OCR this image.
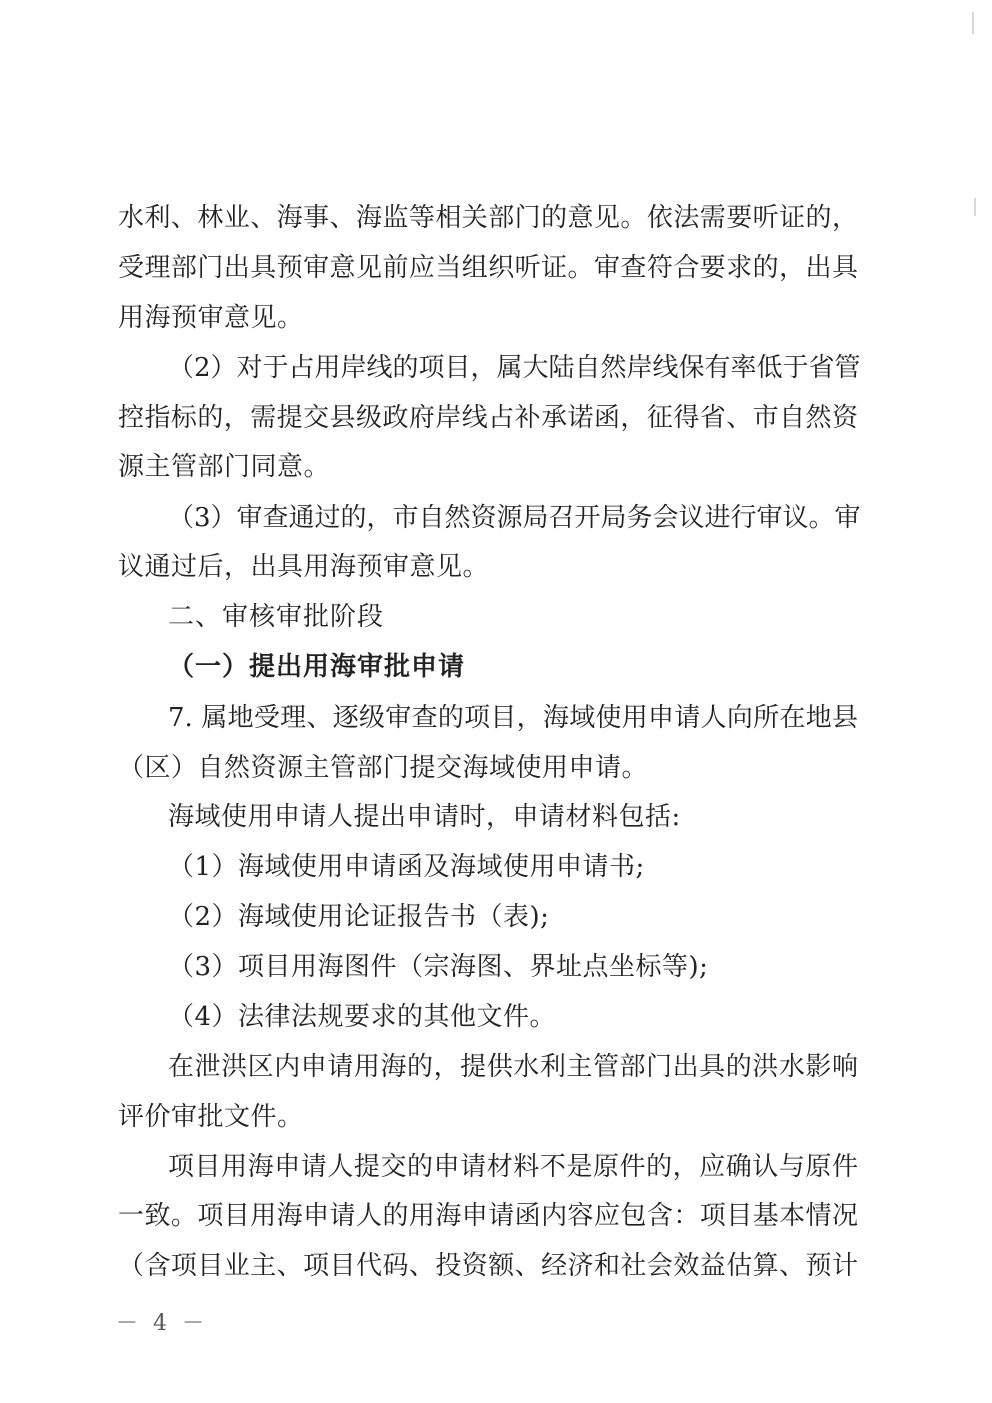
水利、林业、海事、海监等相关部门的意见。依法需要听证的，
受理部门出具预审意见前应当组织听证。审查符合要求的，出具
用海预审意见。
（2）对于占用岸线的项目，属大陆自然岸线保有率低于省管
控指标的，需提交县级政府岸线占补承诺函，征得省、市自然资
源主管部门同意。
（3）审查通过的，市自然资源局召开局务会议进行审议。审
议通过后，出具用海预审意见。
二、审核审批阶段
（一）提出用海审批申请
7. 属地受理、逐级审查的项目，海域使用申请人向所在地县
（区）自然资源主管部门提交海域使用申请。
海域使用申请人提出申请时，申请材料包括:
（1）海域使用申请函及海域使用申请书;
（2）海域使用论证报告书（表);
（3）项目用海图件（宗海图、界址点坐标等);
（4）法律法规要求的其他文件。
在泄洪区内申请用海的，提供水利主管部门出具的洪水影响
评价审批文件。
项目用海申请人提交的申请材料不是原件的，应确认与原件
一致。项目用海申请人的用海申请函内容应包含：项目基本情况
（含项目业主、项目代码、投资额、经济和社会效益估算、预计
－ 4 －
